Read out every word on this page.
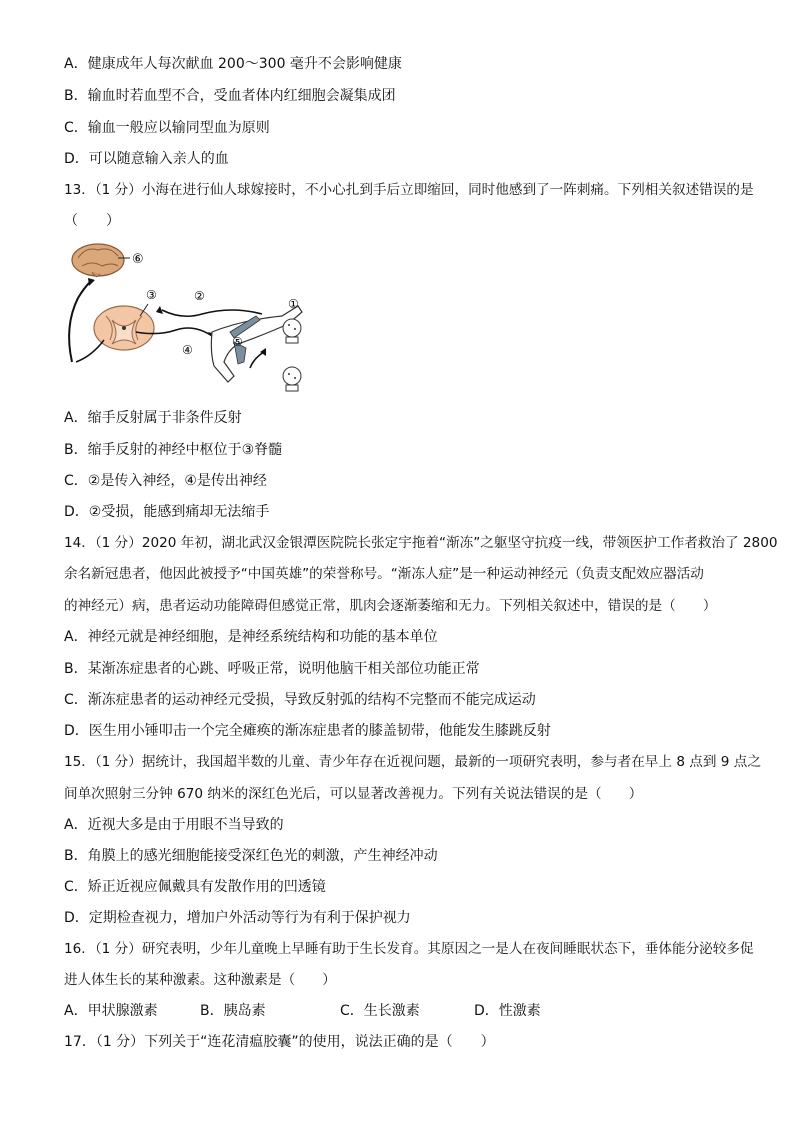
A．健康成年人每次献血 200～300 毫升不会影响健康
B．输血时若血型不合，受血者体内红细胞会凝集成团
C．输血一般应以输同型血为原则
D．可以随意输入亲人的血
13．（1 分）小海在进行仙人球嫁接时，不小心扎到手后立即缩回，同时他感到了一阵刺痛。下列相关叙述错误的是
（　　）
⑥
③	②
④
①
⑤
A．缩手反射属于非条件反射
B．缩手反射的神经中枢位于③脊髓
C．②是传入神经，④是传出神经
D．②受损，能感到痛却无法缩手
14．（1 分）2020 年初，湖北武汉金银潭医院院长张定宇拖着“渐冻”之躯坚守抗疫一线，带领医护工作者救治了 2800
余名新冠患者，他因此被授予“中国英雄”的荣誉称号。“渐冻人症”是一种运动神经元（负责支配效应器活动
的神经元）病，患者运动功能障碍但感觉正常，肌肉会逐渐萎缩和无力。下列相关叙述中，错误的是（　　）
A．神经元就是神经细胞，是神经系统结构和功能的基本单位
B．某渐冻症患者的心跳、呼吸正常，说明他脑干相关部位功能正常
C．渐冻症患者的运动神经元受损，导致反射弧的结构不完整而不能完成运动
D．医生用小锤叩击一个完全瘫痪的渐冻症患者的膝盖韧带，他能发生膝跳反射
15．（1 分）据统计，我国超半数的儿童、青少年存在近视问题，最新的一项研究表明，参与者在早上 8 点到 9 点之
间单次照射三分钟 670 纳米的深红色光后，可以显著改善视力。下列有关说法错误的是（　　）
A．近视大多是由于用眼不当导致的
B．角膜上的感光细胞能接受深红色光的刺激，产生神经冲动
C．矫正近视应佩戴具有发散作用的凹透镜
D．定期检查视力，增加户外活动等行为有利于保护视力
16．（1 分）研究表明，少年儿童晚上早睡有助于生长发育。其原因之一是人在夜间睡眠状态下，垂体能分泌较多促
进人体生长的某种激素。这种激素是（　　）
A．甲状腺激素	B．胰岛素	C．生长激素	D．性激素
17．（1 分）下列关于“连花清瘟胶囊”的使用，说法正确的是（　　）
